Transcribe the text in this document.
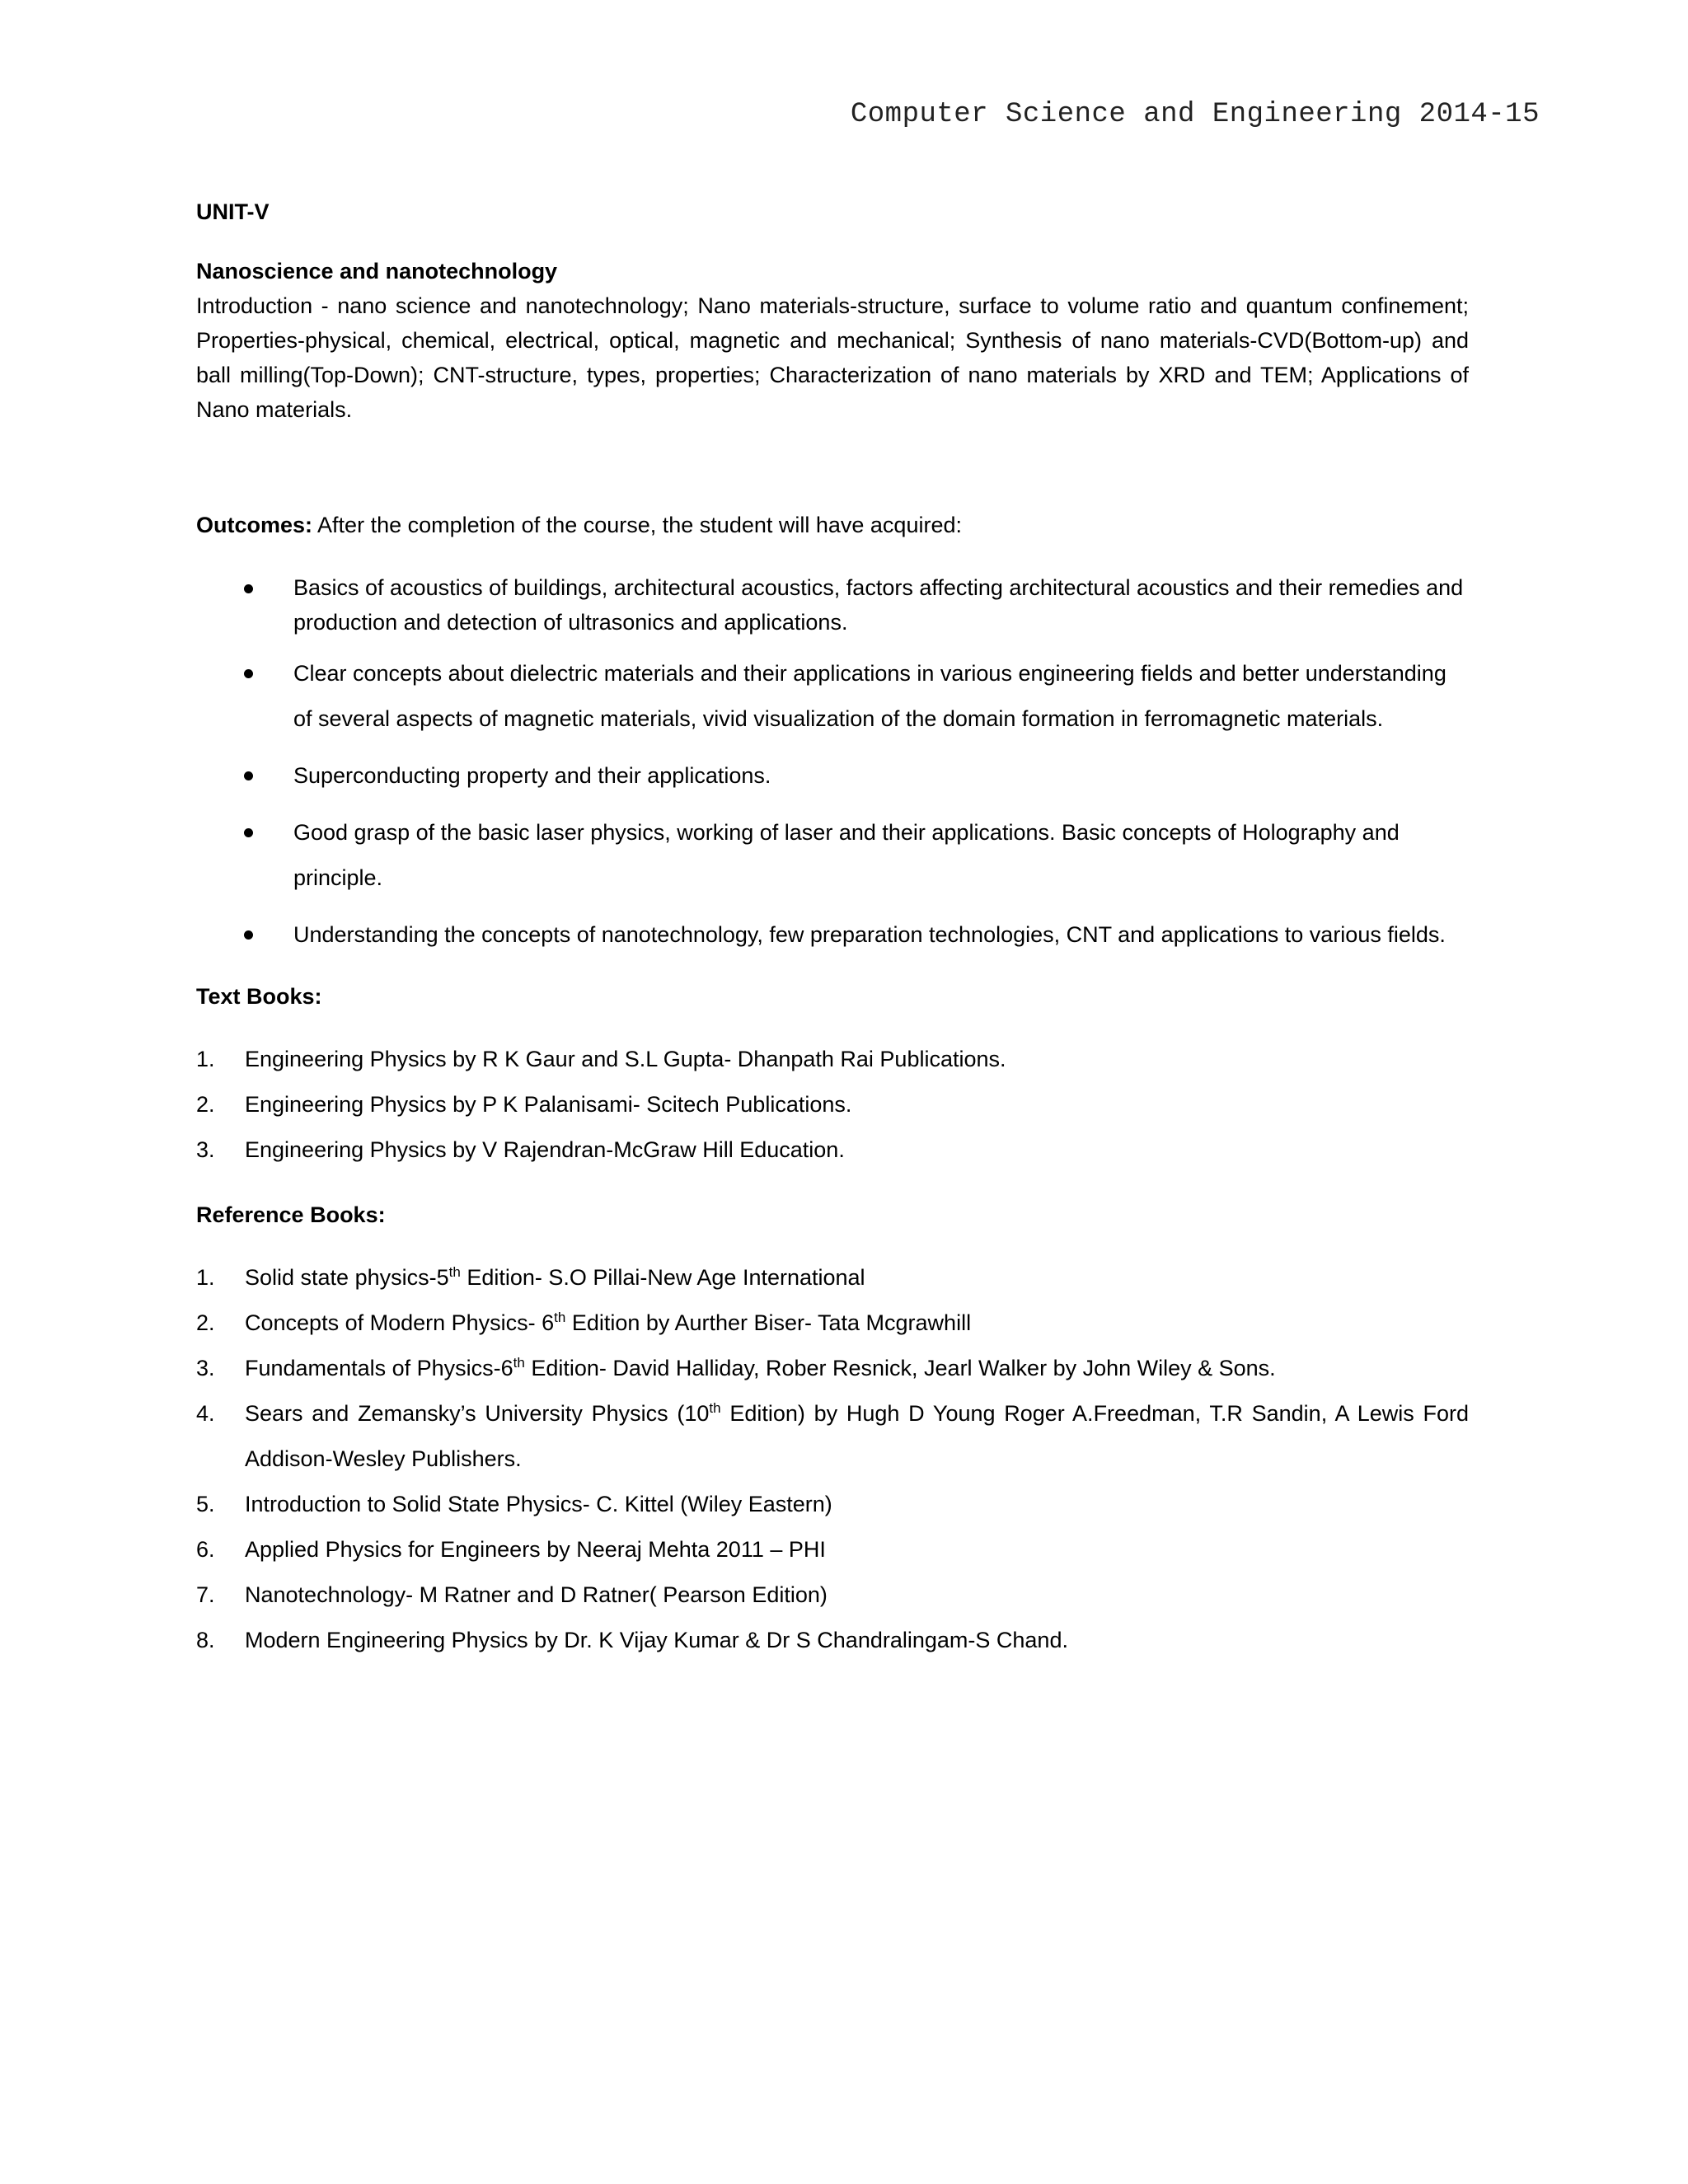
Computer Science and Engineering 2014-15

UNIT-V

Nanoscience and nanotechnology

Introduction - nano science and nanotechnology; Nano materials-structure, surface to volume ratio and quantum confinement; Properties-physical, chemical, electrical, optical, magnetic and mechanical; Synthesis of nano materials-CVD(Bottom-up) and ball milling(Top-Down); CNT-structure, types, properties; Characterization of nano materials by XRD and TEM; Applications of Nano materials.

Outcomes: After the completion of the course, the student will have acquired:

Basics of acoustics of buildings, architectural acoustics, factors affecting architectural acoustics and their remedies and production and detection of ultrasonics and applications.
Clear concepts about dielectric materials and their applications in various engineering fields and better understanding of several aspects of magnetic materials, vivid visualization of the domain formation in ferromagnetic materials.
Superconducting property and their applications.
Good grasp of the basic laser physics, working of laser and their applications. Basic concepts of Holography and principle.
Understanding the concepts of nanotechnology, few preparation technologies, CNT and applications to various fields.

Text Books:

1. Engineering Physics by R K Gaur and S.L Gupta- Dhanpath Rai Publications.
2. Engineering Physics by P K Palanisami- Scitech Publications.
3. Engineering Physics by V Rajendran-McGraw Hill Education.

Reference Books:

1. Solid state physics-5th Edition- S.O Pillai-New Age International
2. Concepts of Modern Physics- 6th Edition by Aurther Biser- Tata Mcgrawhill
3. Fundamentals of Physics-6th Edition- David Halliday, Rober Resnick, Jearl Walker by John Wiley & Sons.
4. Sears and Zemansky’s University Physics (10th Edition) by Hugh D Young Roger A.Freedman, T.R Sandin, A Lewis Ford Addison-Wesley Publishers.
5. Introduction to Solid State Physics- C. Kittel (Wiley Eastern)
6. Applied Physics for Engineers by Neeraj Mehta 2011 – PHI
7. Nanotechnology- M Ratner and D Ratner( Pearson Edition)
8. Modern Engineering Physics by Dr. K Vijay Kumar & Dr S Chandralingam-S Chand.
